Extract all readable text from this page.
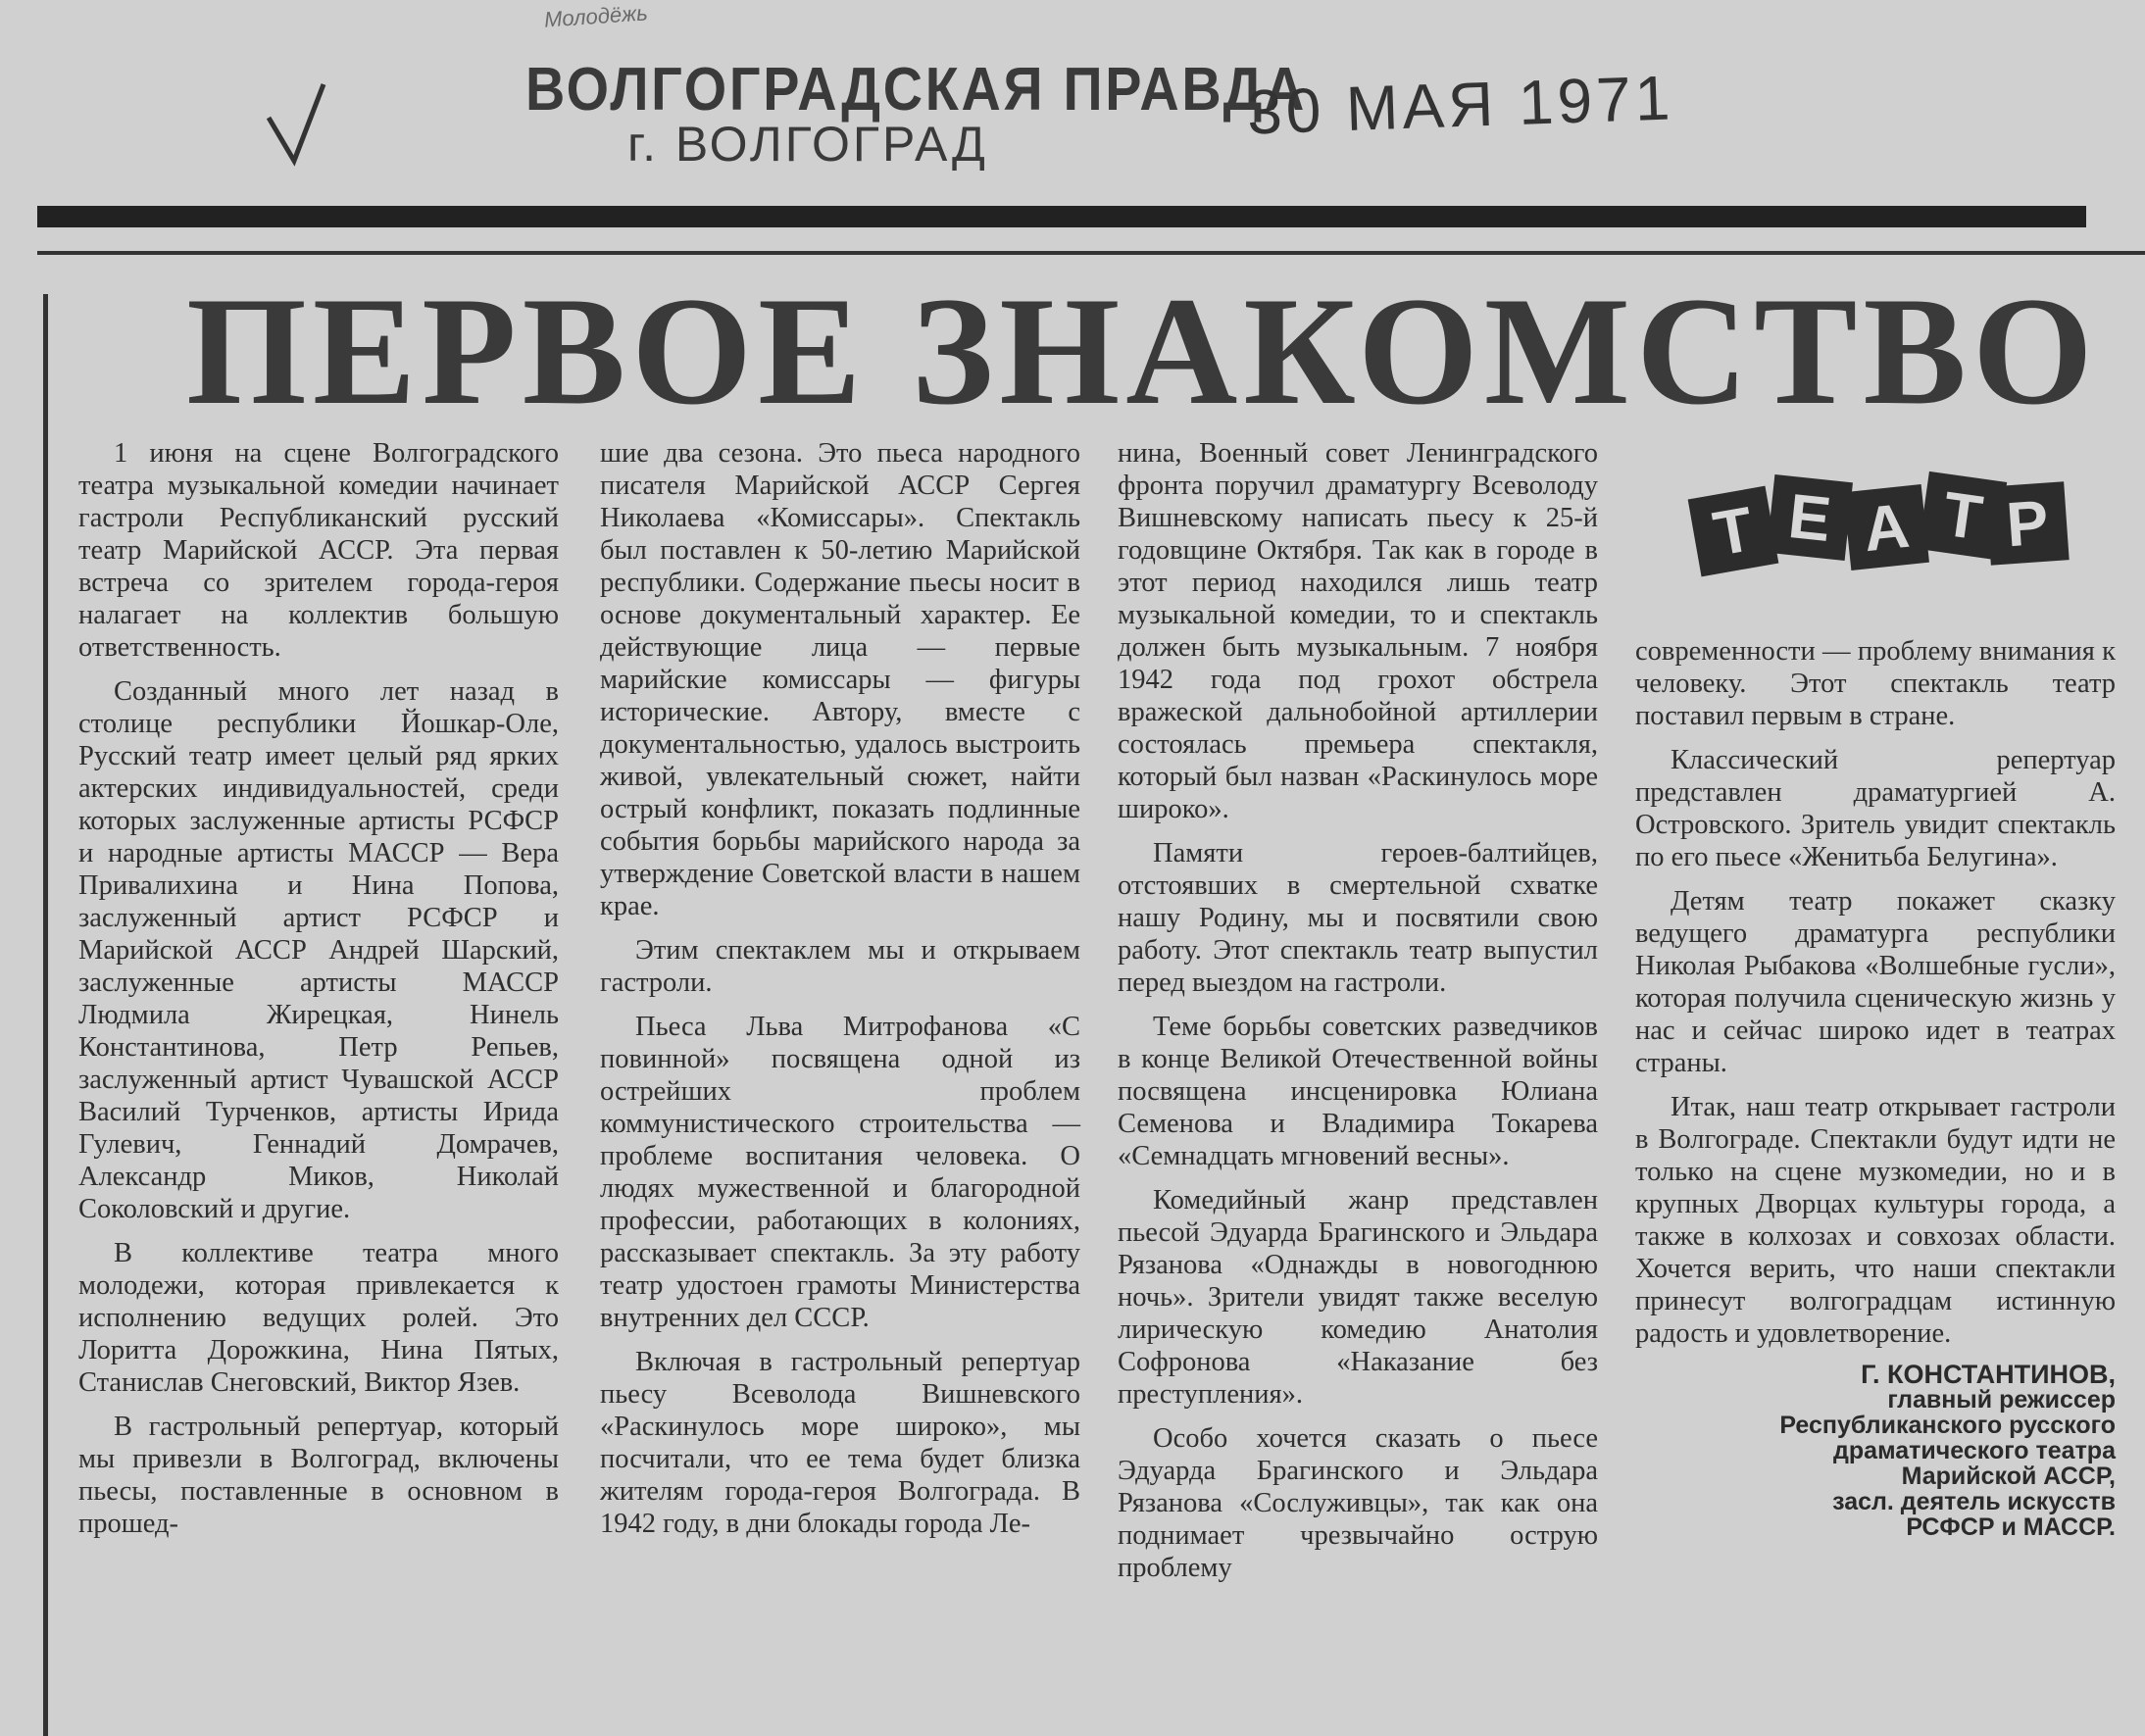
Молодёжь
ВОЛГОГРАДСКАЯ ПРАВДА
г. ВОЛГОГРАД	30 МАЯ 1971
ПЕРВОЕ ЗНАКОМСТВО
Т Е А Т Р

1 июня на сцене Волгоградского театра музыкальной комедии начинает гастроли Республиканский русский театр Марийской АССР. Эта первая встреча со зрителем города-героя налагает на коллектив большую ответственность.

Созданный много лет назад в столице республики Йошкар-Оле, Русский театр имеет целый ряд ярких актерских индивидуальностей, среди которых заслуженные артисты РСФСР и народные артисты МАССР — Вера Привалихина и Нина Попова, заслуженный артист РСФСР и Марийской АССР Андрей Шарский, заслуженные артисты МАССР Людмила Жирецкая, Нинель Константинова, Петр Репьев, заслуженный артист Чувашской АССР Василий Турченков, артисты Ирида Гулевич, Геннадий Домрачев, Александр Миков, Николай Соколовский и другие.

В коллективе театра много молодежи, которая привлекается к исполнению ведущих ролей. Это Лоритта Дорожкина, Нина Пятых, Станислав Снеговский, Виктор Язев.

В гастрольный репертуар, который мы привезли в Волгоград, включены пьесы, поставленные в основном в прошед-

шие два сезона. Это пьеса народного писателя Марийской АССР Сергея Николаева «Комиссары». Спектакль был поставлен к 50-летию Марийской республики. Содержание пьесы носит в основе документальный характер. Ее действующие лица — первые марийские комиссары — фигуры исторические. Автору, вместе с документальностью, удалось выстроить живой, увлекательный сюжет, найти острый конфликт, показать подлинные события борьбы марийского народа за утверждение Советской власти в нашем крае.

Этим спектаклем мы и открываем гастроли.

Пьеса Льва Митрофанова «С повинной» посвящена одной из острейших проблем коммунистического строительства — проблеме воспитания человека. О людях мужественной и благородной профессии, работающих в колониях, рассказывает спектакль. За эту работу театр удостоен грамоты Министерства внутренних дел СССР.

Включая в гастрольный репертуар пьесу Всеволода Вишневского «Раскинулось море широко», мы посчитали, что ее тема будет близка жителям города-героя Волгограда. В 1942 году, в дни блокады города Ле-

нина, Военный совет Ленинградского фронта поручил драматургу Всеволоду Вишневскому написать пьесу к 25-й годовщине Октября. Так как в городе в этот период находился лишь театр музыкальной комедии, то и спектакль должен быть музыкальным. 7 ноября 1942 года под грохот обстрела вражеской дальнобойной артиллерии состоялась премьера спектакля, который был назван «Раскинулось море широко».

Памяти героев-балтийцев, отстоявших в смертельной схватке нашу Родину, мы и посвятили свою работу. Этот спектакль театр выпустил перед выездом на гастроли.

Теме борьбы советских разведчиков в конце Великой Отечественной войны посвящена инсценировка Юлиана Семенова и Владимира Токарева «Семнадцать мгновений весны».

Комедийный жанр представлен пьесой Эдуарда Брагинского и Эльдара Рязанова «Однажды в новогоднюю ночь». Зрители увидят также веселую лирическую комедию Анатолия Софронова «Наказание без преступления».

Особо хочется сказать о пьесе Эдуарда Брагинского и Эльдара Рязанова «Сослуживцы», так как она поднимает чрезвычайно острую проблему

современности — проблему внимания к человеку. Этот спектакль театр поставил первым в стране.

Классический репертуар представлен драматургией А. Островского. Зритель увидит спектакль по его пьесе «Женитьба Белугина».

Детям театр покажет сказку ведущего драматурга республики Николая Рыбакова «Волшебные гусли», которая получила сценическую жизнь у нас и сейчас широко идет в театрах страны.

Итак, наш театр открывает гастроли в Волгограде. Спектакли будут идти не только на сцене музкомедии, но и в крупных Дворцах культуры города, а также в колхозах и совхозах области. Хочется верить, что наши спектакли принесут волгоградцам истинную радость и удовлетворение.

Г. КОНСТАНТИНОВ,
главный режиссер
Республиканского русского
драматического театра
Марийской АССР,
засл. деятель искусств
РСФСР и МАССР.
